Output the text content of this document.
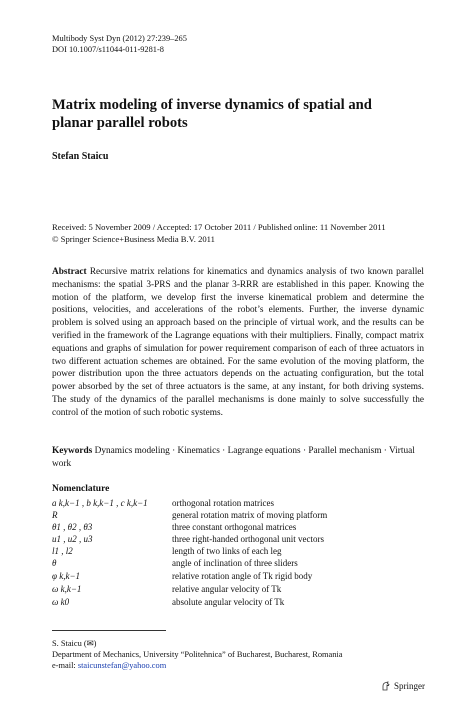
Multibody Syst Dyn (2012) 27:239–265
DOI 10.1007/s11044-011-9281-8
Matrix modeling of inverse dynamics of spatial and
planar parallel robots
Stefan Staicu
Received: 5 November 2009 / Accepted: 17 October 2011 / Published online: 11 November 2011
© Springer Science+Business Media B.V. 2011
Abstract Recursive matrix relations for kinematics and dynamics analysis of two known parallel mechanisms: the spatial 3-PRS and the planar 3-RRR are established in this paper. Knowing the motion of the platform, we develop first the inverse kinematical problem and determine the positions, velocities, and accelerations of the robot’s elements. Further, the inverse dynamic problem is solved using an approach based on the principle of virtual work, and the results can be verified in the framework of the Lagrange equations with their multipliers. Finally, compact matrix equations and graphs of simulation for power requirement comparison of each of three actuators in two different actuation schemes are obtained. For the same evolution of the moving platform, the power distribution upon the three actuators depends on the actuating configuration, but the total power absorbed by the set of three actuators is the same, at any instant, for both driving systems. The study of the dynamics of the parallel mechanisms is done mainly to solve successfully the control of the motion of such robotic systems.
Keywords Dynamics modeling · Kinematics · Lagrange equations · Parallel mechanism · Virtual work
Nomenclature
a k,k−1 , b k,k−1 , c k,k−1	orthogonal rotation matrices
R	general rotation matrix of moving platform
θ1 , θ2 , θ3	three constant orthogonal matrices
u1 , u2 , u3	three right-handed orthogonal unit vectors
l1 , l2	length of two links of each leg
θ	angle of inclination of three sliders
φ k,k−1	relative rotation angle of Tk rigid body
ω k,k−1	relative angular velocity of Tk
ω k0	absolute angular velocity of Tk
S. Staicu (✉)
Department of Mechanics, University “Politehnica” of Bucharest, Bucharest, Romania
e-mail: staicunstefan@yahoo.com
Springer
